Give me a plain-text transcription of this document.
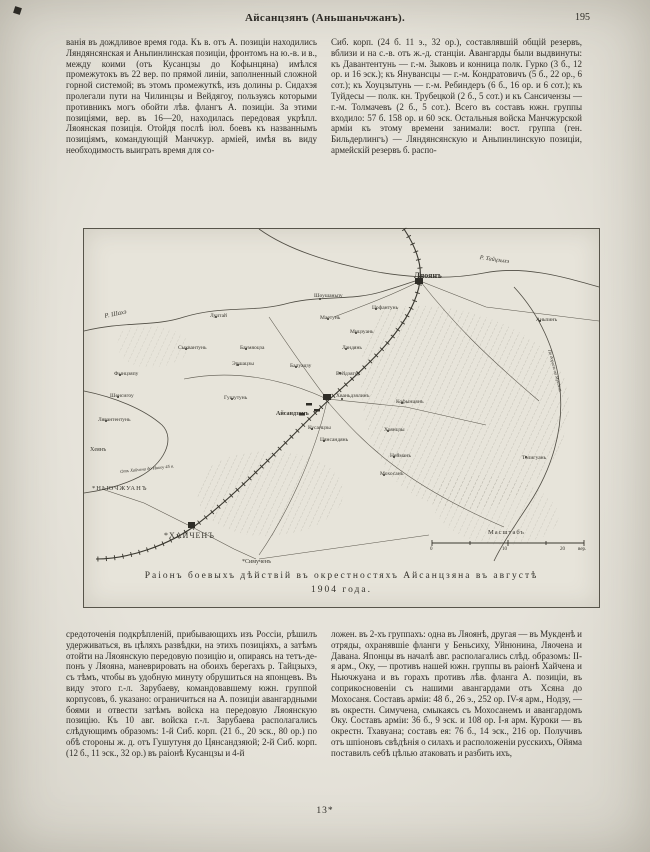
Айсанцзянъ (Аньшаньчжанъ).	195
ванія въ дождливое время года. Къ в. отъ А. позиціи находились Ляндянсянская и Аньпинлинская позиціи, фронтомъ на ю.-в. и в., между коими (отъ Кусанцзы до Кофынцяна) имѣлся промежутокъ въ 22 вер. по прямой линіи, заполненный сложной горной системой; въ этомъ промежуткѣ, изъ долины р. Сидахэя пролегали пути на Чилинцзы и Вейдягоу, пользуясь которыми противникъ могъ обойти лѣв. флангъ А. позиціи. За этими позиціями, вер. въ 16—20, находилась передовая укрѣпл. Ляоянская позиція. Отойдя послѣ іюл. боевъ къ названнымъ позиціямъ, командующій Манчжур. арміей, имѣя въ виду необходимость выиграть время для со-
Сиб. корп. (24 б. 11 э., 32 ор.), составлявшій общій резервъ, вблизи и на с.-в. отъ ж.-д. станціи. Авангарды были выдвинуты: къ Давантентунь — г.-м. Зыковъ и конница полк. Гурко (3 б., 12 ор. и 16 эск.); къ Янувансцы — г.-м. Кондратовичъ (5 б., 22 ор., 6 сот.); къ Хоуцзытунь — г.-м. Ребиндеръ (6 б., 16 ор. и 6 сот.); къ Туйдесы — полк. кн. Трубецкой (2 б., 5 сот.) и къ Сансичензы — г.-м. Толмачевъ (2 б., 5 сот.). Всего въ составъ южн. группы входило: 57 б. 158 ор. и 60 эск. Остальныя войска Манчжурской арміи къ этому времени занимали: вост. группа (ген. Бильдерлингъ) — Ляндянсянскую и Аньпинлинскую позиціи, армейскій резервъ б. распо-
Ляоянъ
Р. Тайцзыхэ
Р. Шахэ
Шоушаньпу
Цофантунь
Маетунь
Мицзуань
Аньпинъ
Лучтай
Сыквантунь	Баумяоцза	Ландянь
Фынцзяпу
Эршацзы	Балуацзу
Вейдзягоу
Шенсигоу	Гушутунь	Хваньдзялинъ
Кофынцянъ
Айсандзянъ
Кусанцзы
Цянсандянь
Хоянцзы
Лявантентунь
Хеянъ
Нейманъ
Мохосанъ
Толигуань
Отъ Хайчена до Инкоу 45 в.
По дорогѣ на Мукденъ
*НЬЮЧЖУАНЪ
*ХАЙЧЕНЪ
*Симученъ
Масштабъ
0	10	20	вер.
Раіонъ боевыхъ дѣйствій въ окрестностяхъ Айсанцзяна въ августѣ
1904 года.
средоточенія подкрѣпленій, прибывающихъ изъ Россіи, рѣшилъ удерживаться, въ цѣляхъ развѣдки, на этихъ позиціяхъ, а затѣмъ отойти на Ляоянскую передовую позицію и, опираясь на тетъ-де-понъ у Ляояна, маневрировать на обоихъ берегахъ р. Тайцзыхэ, съ тѣмъ, чтобы въ удобную минуту обрушиться на японцевъ. Въ виду этого г.-л. Зарубаеву, командовавшему южн. группой корпусовъ, б. указано: ограничиться на А. позиціи авангардными боями и отвести затѣмъ войска на передовую Ляоянскую позицію. Къ 10 авг. войска г.-л. Зарубаева располагались слѣдующимъ образомъ: 1-й Сиб. корп. (21 б., 20 эск., 80 ор.) по обѣ стороны ж. д. отъ Гушутуня до Цянсандзяюй; 2-й Сиб. корп. (12 б., 11 эск., 32 ор.) въ раіонѣ Кусанцзы и 4-й
ложен. въ 2-хъ группахъ: одна въ Ляоянѣ, другая — въ Мукденѣ и отряды, охранявшіе фланги у Беньсиху, Уйнюнина, Ляочена и Давана. Японцы въ началѣ авг. располагались слѣд. образомъ: II-я арм., Оку, — противъ нашей южн. группы въ раіонѣ Хайчена и Ньючжуана и въ горахъ противъ лѣв. фланга А. позиціи, въ соприкосновеніи съ нашими авангардами отъ Хсяна до Мохосаня. Составъ арміи: 48 б., 26 э., 252 ор. IV-я арм., Нодзу, — въ окрестн. Симучена, смыкаясь съ Мохосанемъ и авангардомъ Оку. Составъ арміи: 36 б., 9 эск. и 108 ор. I-я арм. Куроки — въ окрестн. Тхавуана; составъ ея: 76 б., 14 эск., 216 ор. Получивъ отъ шпіоновъ свѣдѣнія о силахъ и расположеніи русскихъ, Ойяма поставилъ себѣ цѣлью атаковать и разбить ихъ,
13*
